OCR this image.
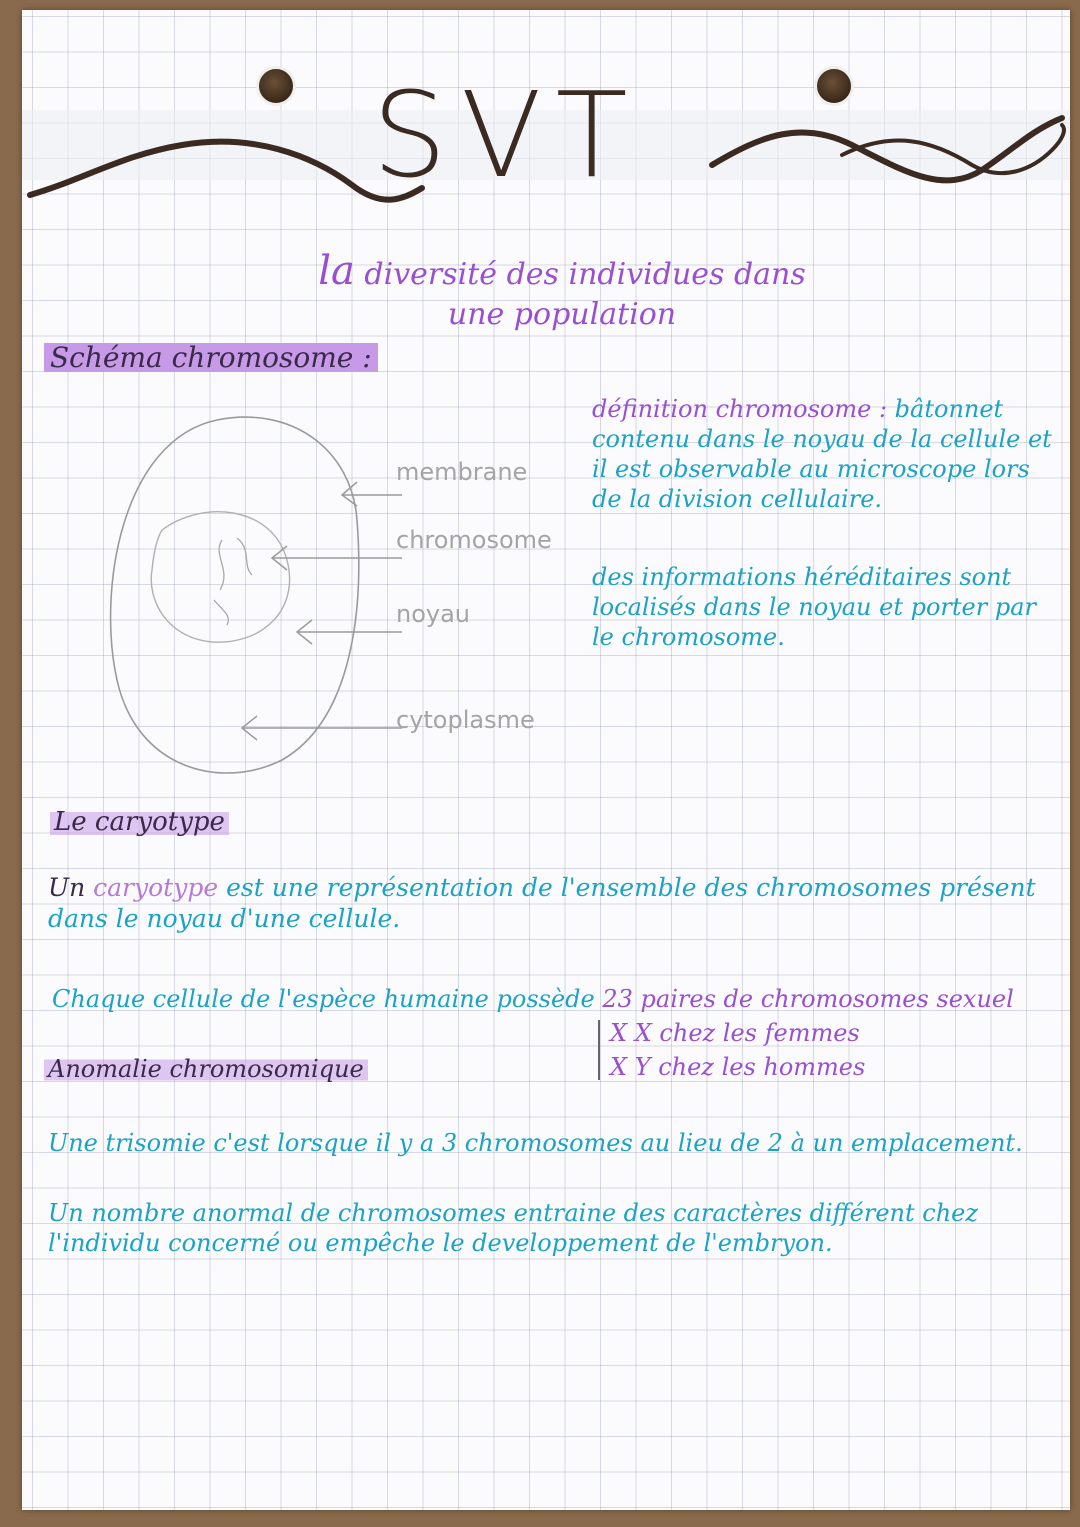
SVT
la diversité des individues dans
une population
Schéma chromosome :
membrane
chromosome
noyau
cytoplasme
définition chromosome : bâtonnet contenu dans le noyau de la cellule et il est observable au microscope lors de la division cellulaire.
des informations héréditaires sont localisés dans le noyau et porter par le chromosome.
Le caryotype
Un caryotype est une représentation de l'ensemble des chromosomes présent dans le noyau d'une cellule.
Chaque cellule de l'espèce humaine possède 23 paires de chromosomes sexuel
X X chez les femmes
X Y chez les hommes
Anomalie chromosomique
Une trisomie c'est lorsque il y a 3 chromosomes au lieu de 2 à un emplacement.
Un nombre anormal de chromosomes entraine des caractères différent chez l'individu concerné ou empêche le developpement de l'embryon.
